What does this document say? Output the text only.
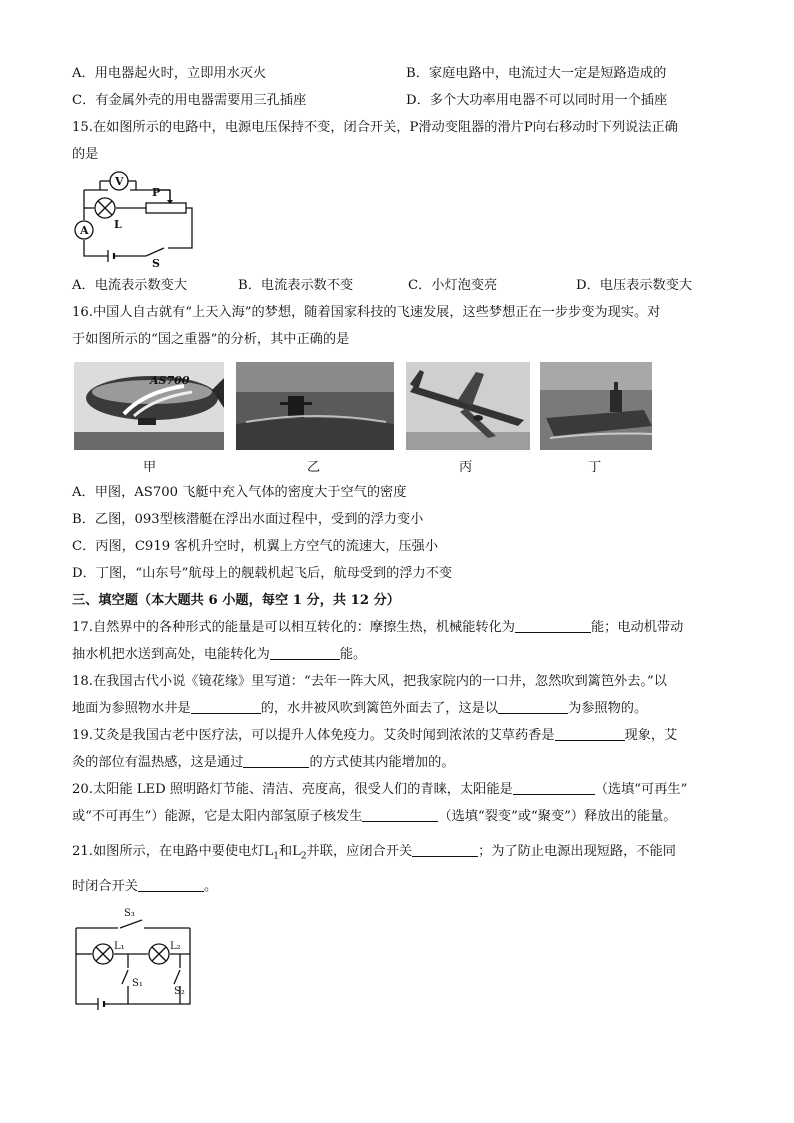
A．用电器起火时，立即用水灭火	B．家庭电路中，电流过大一定是短路造成的
C．有金属外壳的用电器需要用三孔插座	D．多个大功率用电器不可以同时用一个插座
15.在如图所示的电路中，电源电压保持不变，闭合开关，P滑动变阻器的滑片P向右移动时下列说法正确
的是
V
L
P
A
S
A．电流表示数变大	B．电流表示数不变	C．小灯泡变亮	D．电压表示数变大
16.中国人自古就有“上天入海”的梦想，随着国家科技的飞速发展，这些梦想正在一步步变为现实。对
于如图所示的“国之重器”的分析，其中正确的是
AS700
甲	乙	丙	丁
A．甲图，AS700 飞艇中充入气体的密度大于空气的密度
B．乙图，093型核潜艇在浮出水面过程中，受到的浮力变小
C．丙图，C919 客机升空时，机翼上方空气的流速大，压强小
D．丁图，“山东号”航母上的舰载机起飞后，航母受到的浮力不变
三、填空题（本大题共 6 小题，每空 1 分，共 12 分）
17.自然界中的各种形式的能量是可以相互转化的：摩擦生热，机械能转化为	能；电动机带动
抽水机把水送到高处，电能转化为	能。
18.在我国古代小说《镜花缘》里写道：“去年一阵大风，把我家院内的一口井，忽然吹到篱笆外去。”以
地面为参照物水井是	的，水井被风吹到篱笆外面去了，这是以	为参照物的。
19.艾灸是我国古老中医疗法，可以提升人体免疫力。艾灸时闻到浓浓的艾草药香是	现象，艾
灸的部位有温热感，这是通过	的方式使其内能增加的。
20.太阳能 LED 照明路灯节能、清洁、亮度高，很受人们的青睐，太阳能是	（选填“可再生”
或“不可再生”）能源，它是太阳内部氢原子核发生	（选填“裂变”或“聚变”）释放出的能量。
21.如图所示，在电路中要使电灯$L_1$和$L_2$并联，应闭合开关	；为了防止电源出现短路，不能同
时闭合开关	。
S₃
L₁	L₂
S₁
S₂
